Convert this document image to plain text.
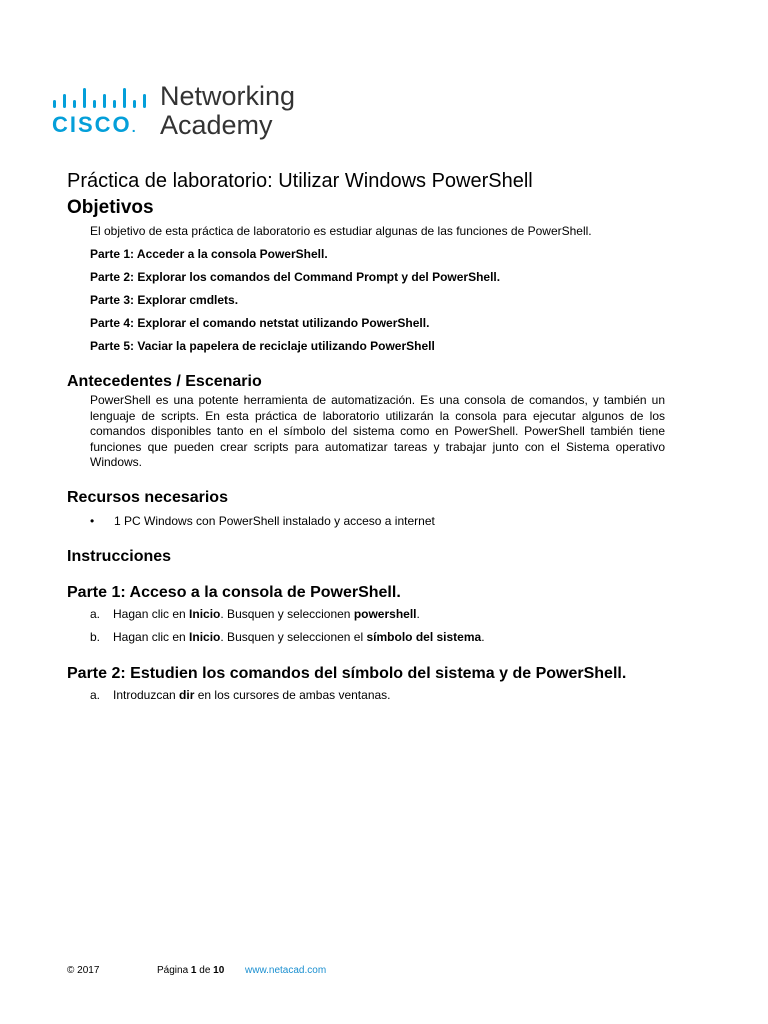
CISCO.
Networking
Academy
Práctica de laboratorio: Utilizar Windows PowerShell
Objetivos
El objetivo de esta práctica de laboratorio es estudiar algunas de las funciones de PowerShell.
Parte 1: Acceder a la consola PowerShell.
Parte 2: Explorar los comandos del Command Prompt y del PowerShell.
Parte 3: Explorar cmdlets.
Parte 4: Explorar el comando netstat utilizando PowerShell.
Parte 5: Vaciar la papelera de reciclaje utilizando PowerShell
Antecedentes / Escenario
PowerShell es una potente herramienta de automatización. Es una consola de comandos, y también un lenguaje de scripts. En esta práctica de laboratorio utilizarán la consola para ejecutar algunos de los comandos disponibles tanto en el símbolo del sistema como en PowerShell. PowerShell también tiene funciones que pueden crear scripts para automatizar tareas y trabajar junto con el Sistema operativo Windows.
Recursos necesarios
• 1 PC Windows con PowerShell instalado y acceso a internet
Instrucciones
Parte 1: Acceso a la consola de PowerShell.
a. Hagan clic en Inicio. Busquen y seleccionen powershell.
b. Hagan clic en Inicio. Busquen y seleccionen el símbolo del sistema.
Parte 2: Estudien los comandos del símbolo del sistema y de PowerShell.
a. Introduzcan dir en los cursores de ambas ventanas.
© 2017	Página 1 de 10 www.netacad.com
